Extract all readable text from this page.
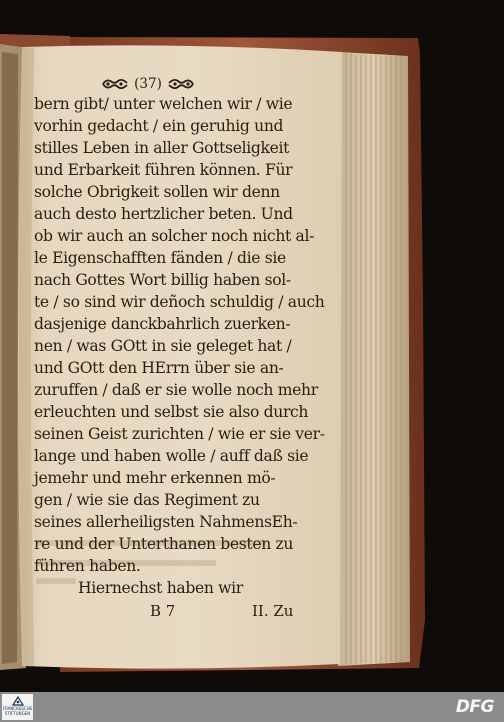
(37)
bern gibt/ unter welchen wir / wie
vorhin gedacht / ein geruhig und
stilles Leben in aller Gottseligkeit
und Erbarkeit führen können. Für
solche Obrigkeit sollen wir denn
auch desto hertzlicher beten. Und
ob wir auch an solcher noch nicht al-
le Eigenschafften fänden / die sie
nach Gottes Wort billig haben sol-
te / so sind wir deñoch schuldig / auch
dasjenige danckbahrlich zuerken-
nen / was GOtt in sie geleget hat /
und GOtt den HErrn über sie an-
zuruffen / daß er sie wolle noch mehr
erleuchten und selbst sie also durch
seinen Geist zurichten / wie er sie ver-
lange und haben wolle / auff daß sie
jemehr und mehr erkennen mö-
gen / wie sie das Regiment zu
seines allerheiligsten NahmensEh-
re und der Unterthanen besten zu
führen haben.
Hiernechst haben wir
B 7	II. Zu
FRANCKESCHE
STIFTUNGEN	DFG
